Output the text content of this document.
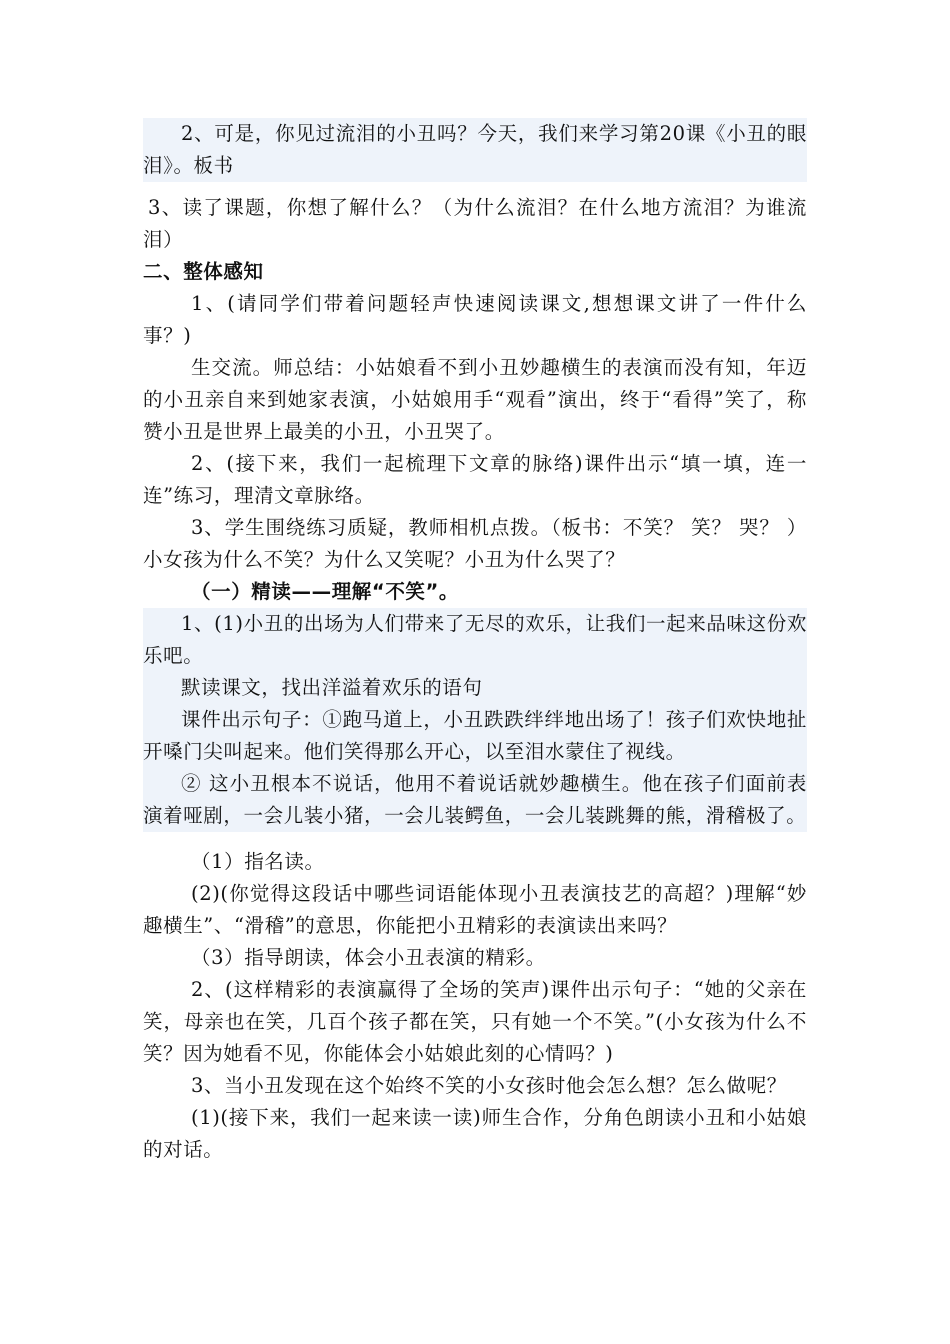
2、可是，你见过流泪的小丑吗？今天，我们来学习第20课《小丑的眼泪》。板书

3、读了课题，你想了解什么？（为什么流泪？在什么地方流泪？为谁流泪）

二、整体感知

1、(请同学们带着问题轻声快速阅读课文,想想课文讲了一件什么事？)

生交流。师总结：小姑娘看不到小丑妙趣横生的表演而没有知，年迈的小丑亲自来到她家表演，小姑娘用手“观看”演出，终于“看得”笑了，称赞小丑是世界上最美的小丑，小丑哭了。

2、(接下来，我们一起梳理下文章的脉络)课件出示“填一填，连一连”练习，理清文章脉络。

3、学生围绕练习质疑，教师相机点拨。（板书：不笑？ 笑？ 哭？ ）小女孩为什么不笑？为什么又笑呢？小丑为什么哭了？

（一）精读——理解“不笑”。

1、(1)小丑的出场为人们带来了无尽的欢乐，让我们一起来品味这份欢乐吧。

默读课文，找出洋溢着欢乐的语句

课件出示句子：①跑马道上，小丑跌跌绊绊地出场了！孩子们欢快地扯开嗓门尖叫起来。他们笑得那么开心，以至泪水蒙住了视线。

② 这小丑根本不说话，他用不着说话就妙趣横生。他在孩子们面前表演着哑剧，一会儿装小猪，一会儿装鳄鱼，一会儿装跳舞的熊，滑稽极了。

（1）指名读。

(2)(你觉得这段话中哪些词语能体现小丑表演技艺的高超？)理解“妙趣横生”、“滑稽”的意思，你能把小丑精彩的表演读出来吗？

（3）指导朗读，体会小丑表演的精彩。

2、(这样精彩的表演赢得了全场的笑声)课件出示句子：“她的父亲在笑，母亲也在笑，几百个孩子都在笑，只有她一个不笑。”(小女孩为什么不笑？因为她看不见，你能体会小姑娘此刻的心情吗？)

3、当小丑发现在这个始终不笑的小女孩时他会怎么想？怎么做呢？

(1)(接下来，我们一起来读一读)师生合作，分角色朗读小丑和小姑娘的对话。
